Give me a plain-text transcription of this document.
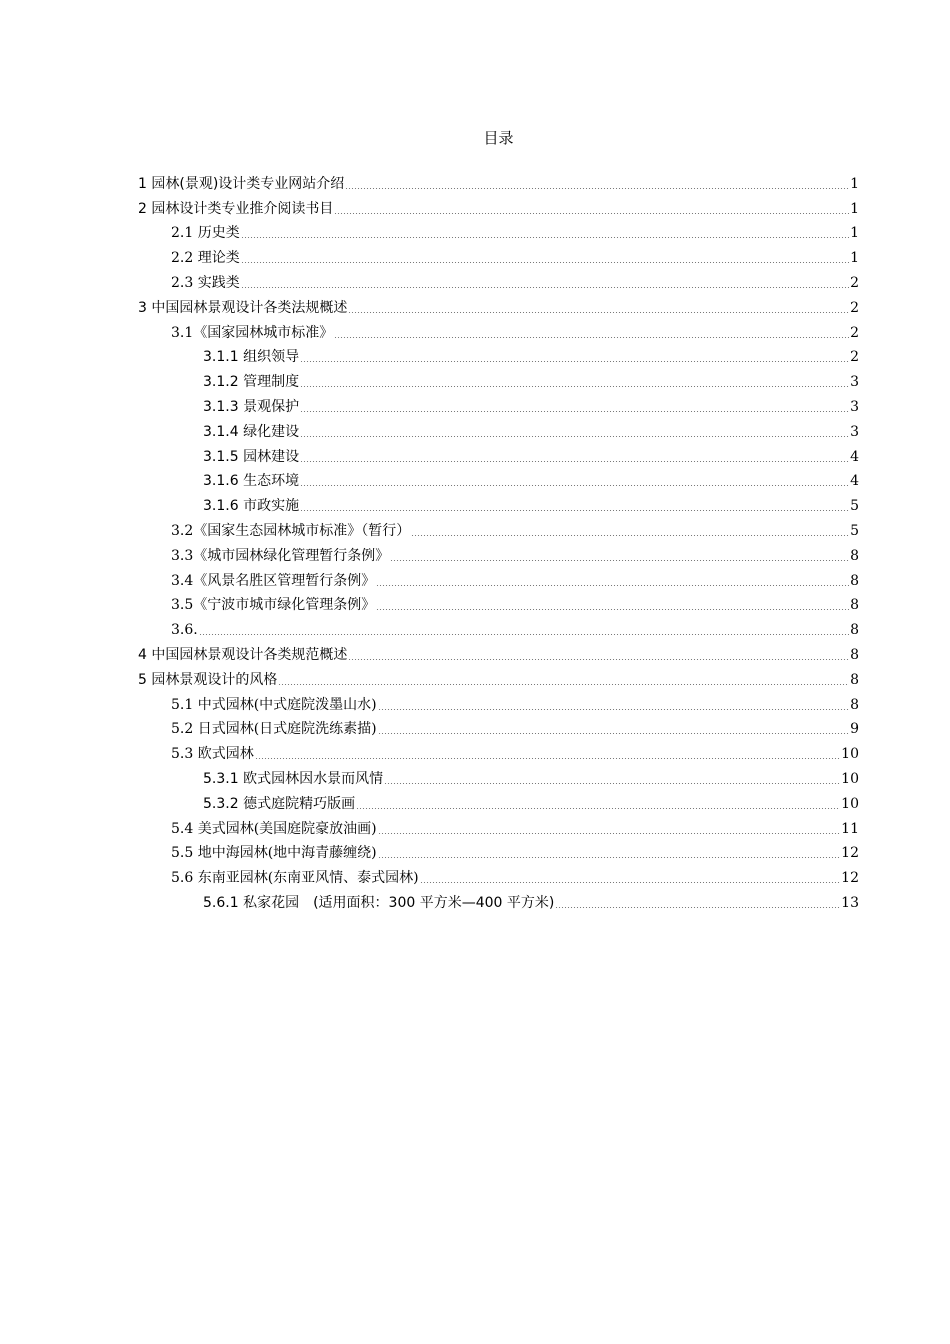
目录
1 园林(景观)设计类专业网站介绍	1
2 园林设计类专业推介阅读书目	1
2.1 历史类	1
2.2 理论类	1
2.3 实践类	2
3 中国园林景观设计各类法规概述	2
3.1《国家园林城市标准》	2
3.1.1 组织领导	2
3.1.2 管理制度	3
3.1.3 景观保护	3
3.1.4 绿化建设	3
3.1.5 园林建设	4
3.1.6 生态环境	4
3.1.6 市政实施	5
3.2《国家生态园林城市标准》（暂行）	5
3.3《城市园林绿化管理暂行条例》	8
3.4《风景名胜区管理暂行条例》	8
3.5《宁波市城市绿化管理条例》	8
3.6.	8
4 中国园林景观设计各类规范概述	8
5 园林景观设计的风格	8
5.1 中式园林(中式庭院泼墨山水)	8
5.2 日式园林(日式庭院洗练素描)	9
5.3 欧式园林	10
5.3.1 欧式园林因水景而风情	10
5.3.2 德式庭院精巧版画	10
5.4 美式园林(美国庭院豪放油画)	11
5.5 地中海园林(地中海青藤缠绕)	12
5.6 东南亚园林(东南亚风情、泰式园林)	12
5.6.1 私家花园　(适用面积：300 平方米—400 平方米)	13
